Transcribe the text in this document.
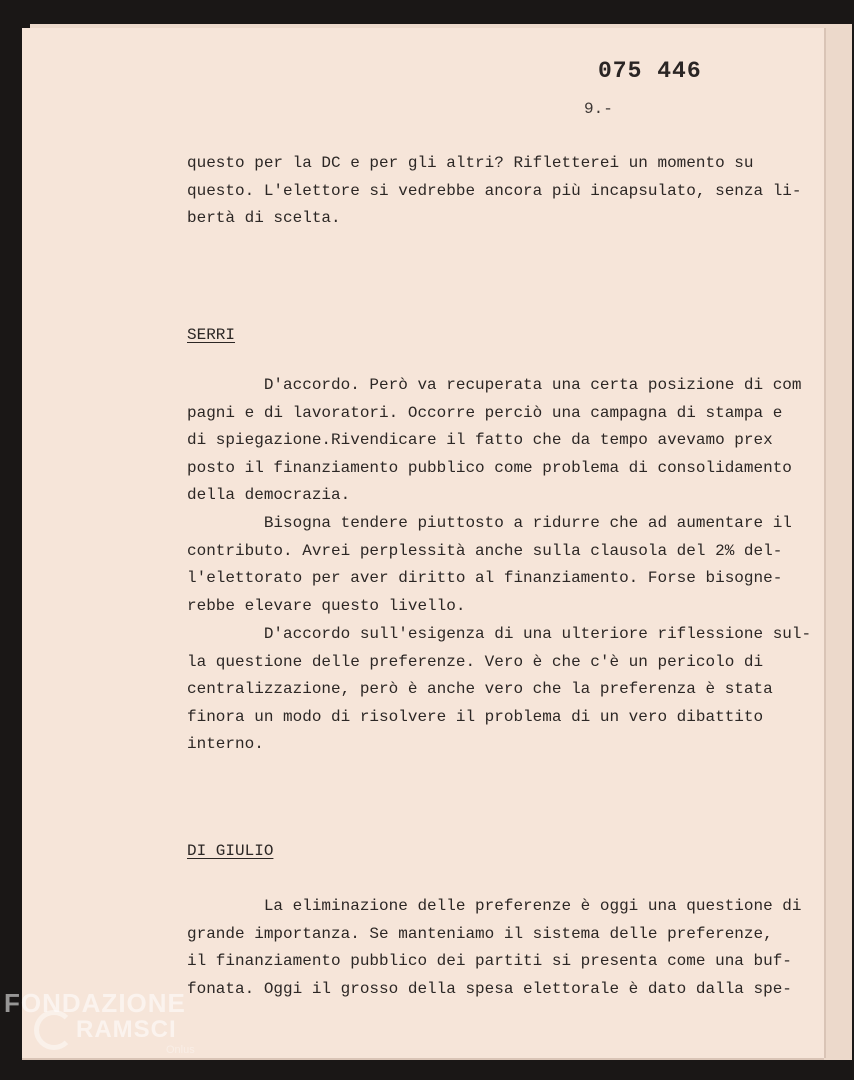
075 446
9.-
questo per la DC e per gli altri? Rifletterei un momento su
questo. L'elettore si vedrebbe ancora più incapsulato, senza li-
bertà di scelta.
SERRI
D'accordo. Però va recuperata una certa posizione di com
pagni e di lavoratori. Occorre perciò una campagna di stampa e
di spiegazione.Rivendicare il fatto che da tempo avevamo prex
posto il finanziamento pubblico come problema di consolidamento
della democrazia.
Bisogna tendere piuttosto a ridurre che ad aumentare il
contributo. Avrei perplessità anche sulla clausola del 2% del-
l'elettorato per aver diritto al finanziamento. Forse bisogne-
rebbe elevare questo livello.
D'accordo sull'esigenza di una ulteriore riflessione sul-
la questione delle preferenze. Vero è che c'è un pericolo di
centralizzazione, però è anche vero che la preferenza è stata
finora un modo di risolvere il problema di un vero dibattito
interno.
DI GIULIO
La eliminazione delle preferenze è oggi una questione di
grande importanza. Se manteniamo il sistema delle preferenze,
il finanziamento pubblico dei partiti si presenta come una buf-
fonata. Oggi il grosso della spesa elettorale è dato dalla spe-
FONDAZIONE
RAMSCI
Onlus
